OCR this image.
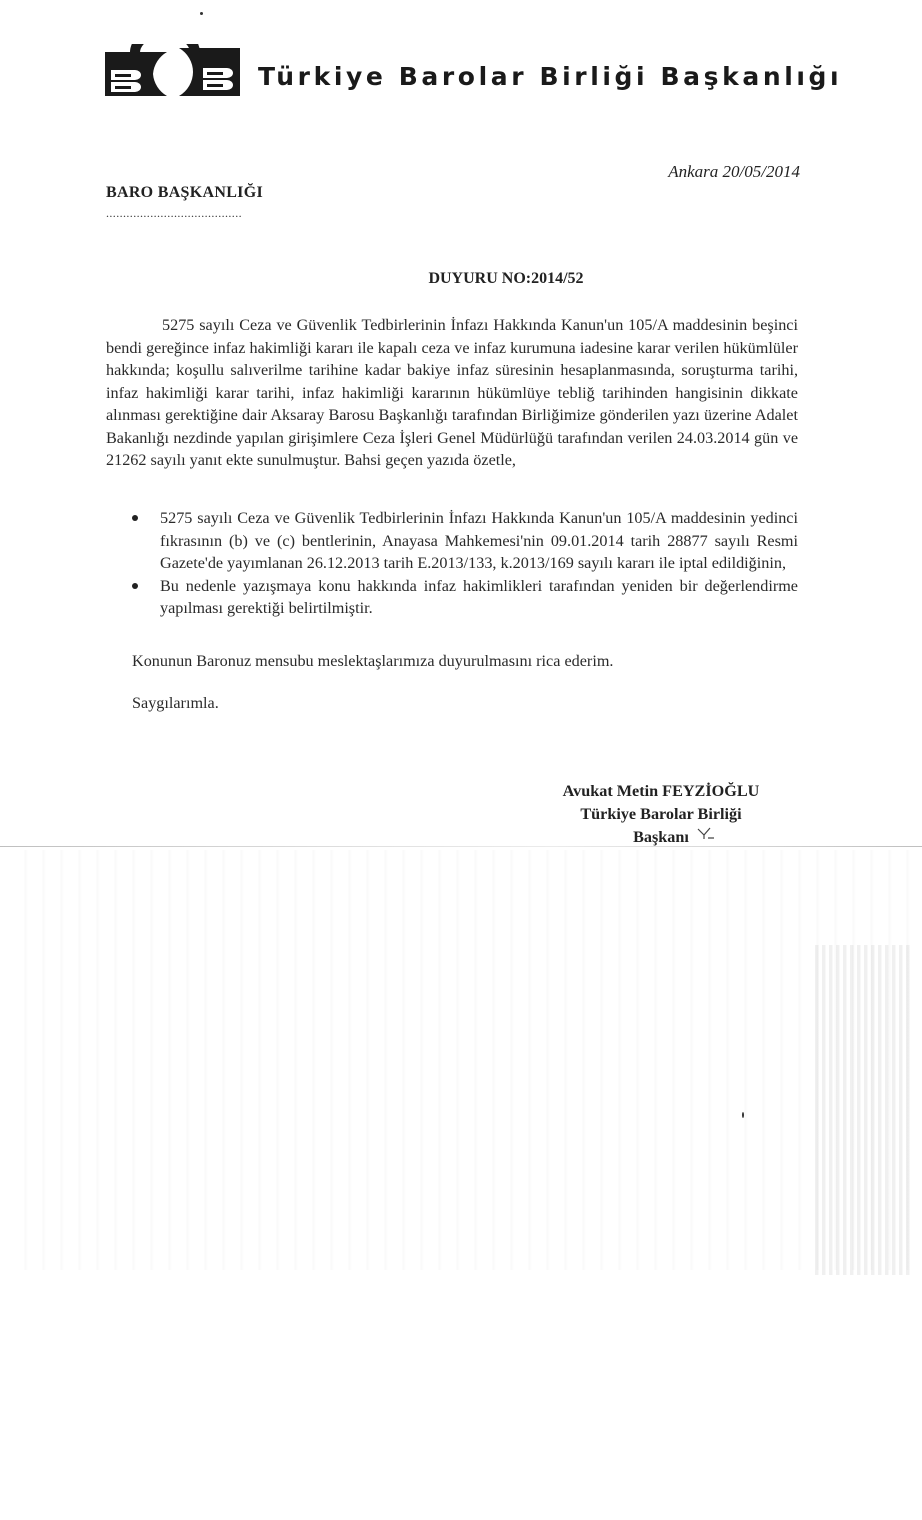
Türkiye Barolar Birliği Başkanlığı
Ankara 20/05/2014
BARO BAŞKANLIĞI
........................................
DUYURU NO:2014/52
5275 sayılı Ceza ve Güvenlik Tedbirlerinin İnfazı Hakkında Kanun'un 105/A maddesinin beşinci bendi gereğince infaz hakimliği kararı ile kapalı ceza ve infaz kurumuna iadesine karar verilen hükümlüler hakkında; koşullu salıverilme tarihine kadar bakiye infaz süresinin hesaplanmasında, soruşturma tarihi, infaz hakimliği karar tarihi, infaz hakimliği kararının hükümlüye tebliğ tarihinden hangisinin dikkate alınması gerektiğine dair Aksaray Barosu Başkanlığı tarafından Birliğimize gönderilen yazı üzerine Adalet Bakanlığı nezdinde yapılan girişimlere Ceza İşleri Genel Müdürlüğü tarafından verilen 24.03.2014 gün ve 21262 sayılı yanıt ekte sunulmuştur. Bahsi geçen yazıda özetle,
5275 sayılı Ceza ve Güvenlik Tedbirlerinin İnfazı Hakkında Kanun'un 105/A maddesinin yedinci fıkrasının (b) ve (c) bentlerinin, Anayasa Mahkemesi'nin 09.01.2014 tarih 28877 sayılı Resmi Gazete'de yayımlanan 26.12.2013 tarih E.2013/133, k.2013/169 sayılı kararı ile iptal edildiğinin,
Bu nedenle yazışmaya konu hakkında infaz hakimlikleri tarafından yeniden bir değerlendirme yapılması gerektiği belirtilmiştir.
Konunun Baronuz mensubu meslektaşlarımıza duyurulmasını rica ederim.
Saygılarımla.
Avukat Metin FEYZİOĞLU
Türkiye Barolar Birliği
Başkanı
